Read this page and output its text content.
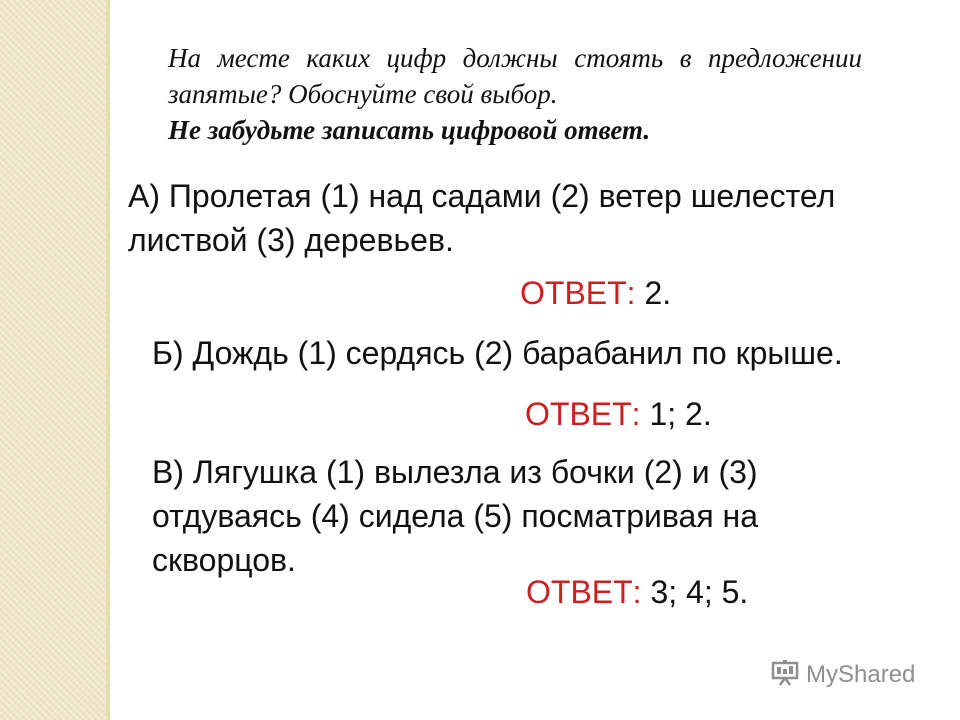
На месте каких цифр должны стоять в предложении запятые? Обоснуйте свой выбор.
Не забудьте записать цифровой ответ.
А) Пролетая (1) над садами (2) ветер шелестел листвой (3) деревьев.
ОТВЕТ: 2.
Б) Дождь (1) сердясь (2) барабанил по крыше.
ОТВЕТ: 1; 2.
В) Лягушка (1) вылезла из бочки (2) и (3) отдуваясь (4) сидела (5) посматривая на скворцов.
ОТВЕТ: 3; 4; 5.
MyShared
